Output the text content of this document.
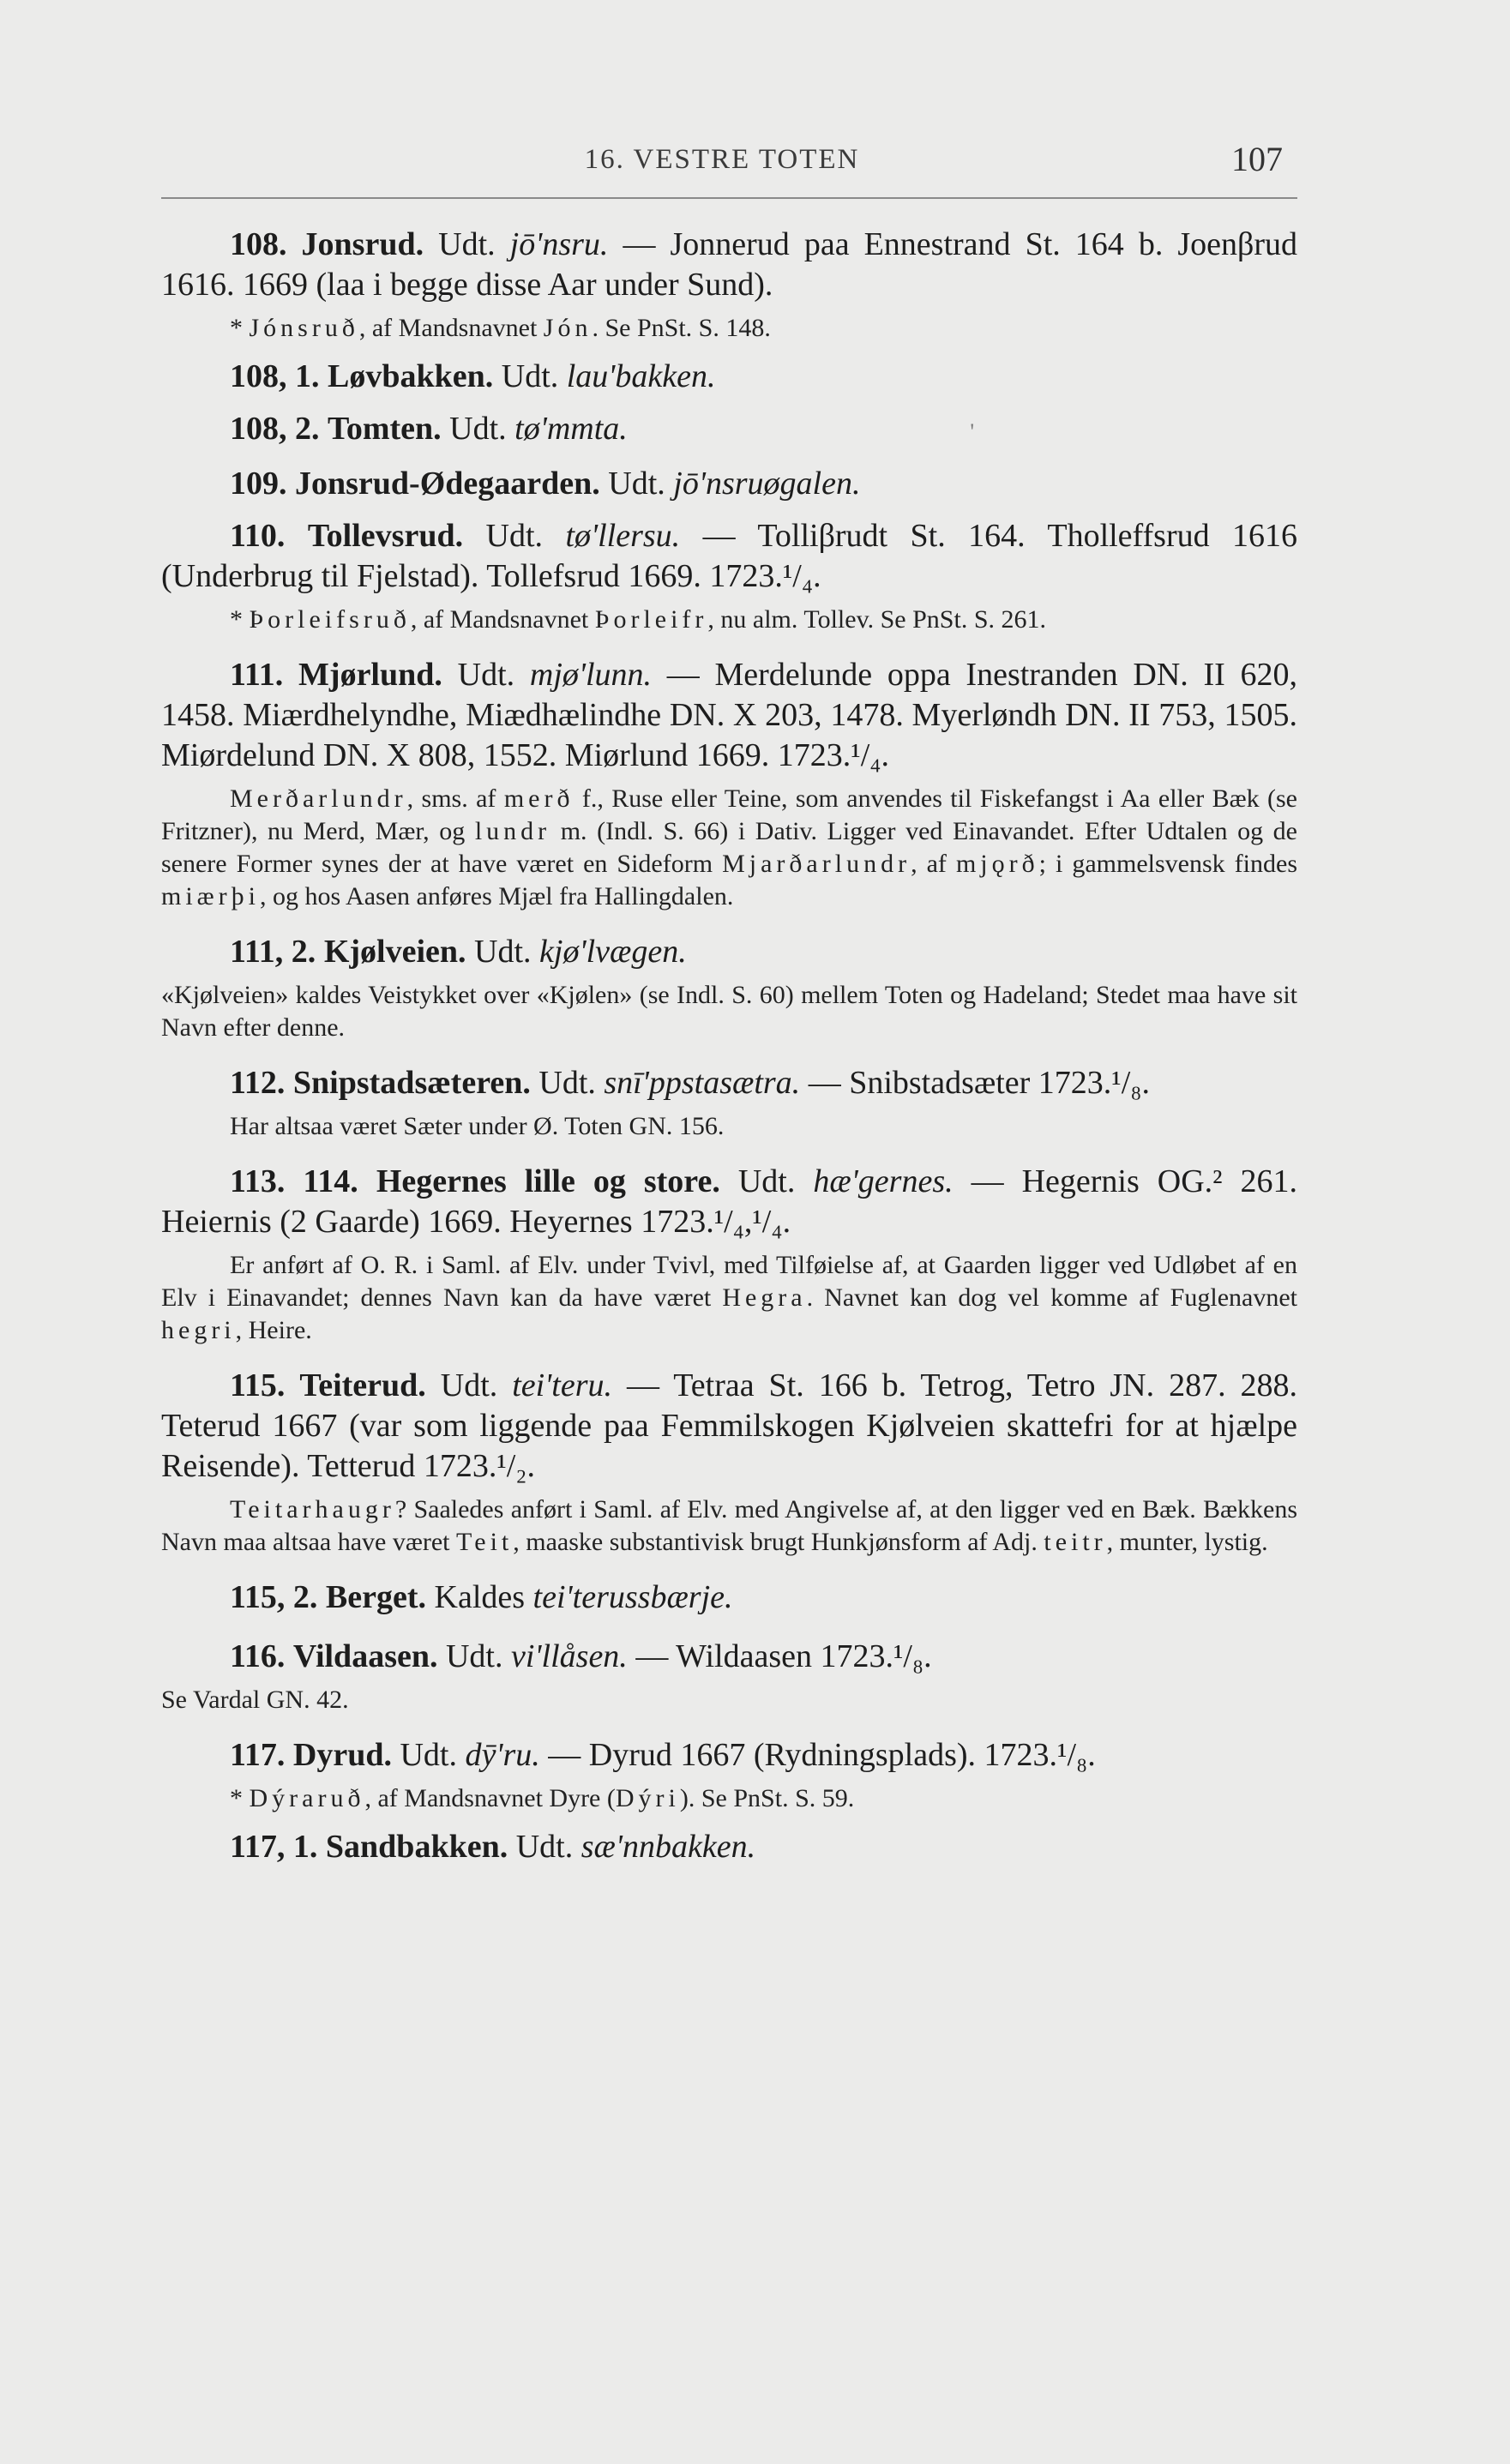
16. VESTRE TOTEN	107

108. Jonsrud. Udt. jō'nsru. — Jonnerud paa Ennestrand St. 164 b. Joenβrud 1616. 1669 (laa i begge disse Aar under Sund).

* Jónsruð, af Mandsnavnet Jón. Se PnSt. S. 148.

108, 1. Løvbakken. Udt. lau'bakken.

108, 2. Tomten. Udt. tø'mmta.	'

109. Jonsrud-Ødegaarden. Udt. jō'nsruøgalen.

110. Tollevsrud. Udt. tø'llersu. — Tolliβrudt St. 164. Tholleffsrud 1616 (Underbrug til Fjelstad). Tollefsrud 1669. 1723.¹/₄.

* Þorleifsruð, af Mandsnavnet Þorleifr, nu alm. Tollev. Se PnSt. S. 261.

111. Mjørlund. Udt. mjø'lunn. — Merdelunde oppa Inestranden DN. II 620, 1458. Miærdhelyndhe, Miædhælindhe DN. X 203, 1478. Myerløndh DN. II 753, 1505. Miørdelund DN. X 808, 1552. Miørlund 1669. 1723.¹/₄.

Merðarlundr, sms. af merð f., Ruse eller Teine, som anvendes til Fiskefangst i Aa eller Bæk (se Fritzner), nu Merd, Mær, og lundr m. (Indl. S. 66) i Dativ. Ligger ved Einavandet. Efter Udtalen og de senere Former synes der at have været en Sideform Mjarðarlundr, af mjǫrð; i gammelsvensk findes miærþi, og hos Aasen anføres Mjæl fra Hallingdalen.

111, 2. Kjølveien. Udt. kjø'lvægen.

«Kjølveien» kaldes Veistykket over «Kjølen» (se Indl. S. 60) mellem Toten og Hadeland; Stedet maa have sit Navn efter denne.

112. Snipstadsæteren. Udt. snī'ppstasætra. — Snibstadsæter 1723.¹/₈.

Har altsaa været Sæter under Ø. Toten GN. 156.

113. 114. Hegernes lille og store. Udt. hæ'gernes. — Hegernis OG.² 261. Heiernis (2 Gaarde) 1669. Heyernes 1723.¹/₄,¹/₄.

Er anført af O. R. i Saml. af Elv. under Tvivl, med Tilføielse af, at Gaarden ligger ved Udløbet af en Elv i Einavandet; dennes Navn kan da have været Hegra. Navnet kan dog vel komme af Fuglenavnet hegri, Heire.

115. Teiterud. Udt. tei'teru. — Tetraa St. 166 b. Tetrog, Tetro JN. 287. 288. Teterud 1667 (var som liggende paa Femmilskogen Kjølveien skattefri for at hjælpe Reisende). Tetterud 1723.¹/₂.

Teitarhaugr? Saaledes anført i Saml. af Elv. med Angivelse af, at den ligger ved en Bæk. Bækkens Navn maa altsaa have været Teit, maaske substantivisk brugt Hunkjønsform af Adj. teitr, munter, lystig.

115, 2. Berget. Kaldes tei'terussbærje.

116. Vildaasen. Udt. vi'llåsen. — Wildaasen 1723.¹/₈.

Se Vardal GN. 42.

117. Dyrud. Udt. dȳ'ru. — Dyrud 1667 (Rydningsplads). 1723.¹/₈.

* Dýraruð, af Mandsnavnet Dyre (Dýri). Se PnSt. S. 59.

117, 1. Sandbakken. Udt. sæ'nnbakken.
